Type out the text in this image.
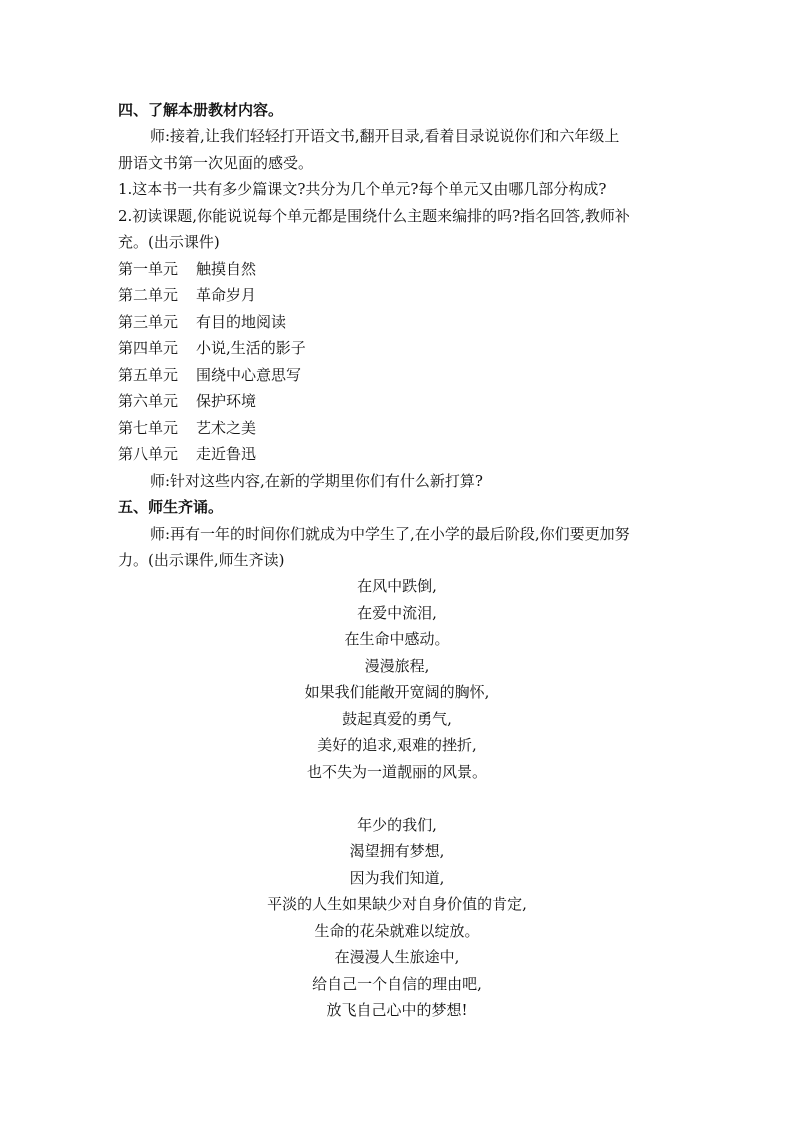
四、了解本册教材内容。
师:接着,让我们轻轻打开语文书,翻开目录,看着目录说说你们和六年级上
册语文书第一次见面的感受。
1.这本书一共有多少篇课文?共分为几个单元?每个单元又由哪几部分构成?
2.初读课题,你能说说每个单元都是围绕什么主题来编排的吗?指名回答,教师补
充。(出示课件)
第一单元 触摸自然
第二单元 革命岁月
第三单元 有目的地阅读
第四单元 小说,生活的影子
第五单元 围绕中心意思写
第六单元 保护环境
第七单元 艺术之美
第八单元 走近鲁迅
师:针对这些内容,在新的学期里你们有什么新打算?
五、师生齐诵。
师:再有一年的时间你们就成为中学生了,在小学的最后阶段,你们要更加努
力。(出示课件,师生齐读)
在风中跌倒,
在爱中流泪,
在生命中感动。
漫漫旅程,
如果我们能敞开宽阔的胸怀,
鼓起真爱的勇气,
美好的追求,艰难的挫折,
也不失为一道靓丽的风景。
年少的我们,
渴望拥有梦想,
因为我们知道,
平淡的人生如果缺少对自身价值的肯定,
生命的花朵就难以绽放。
在漫漫人生旅途中,
给自己一个自信的理由吧,
放飞自己心中的梦想!
